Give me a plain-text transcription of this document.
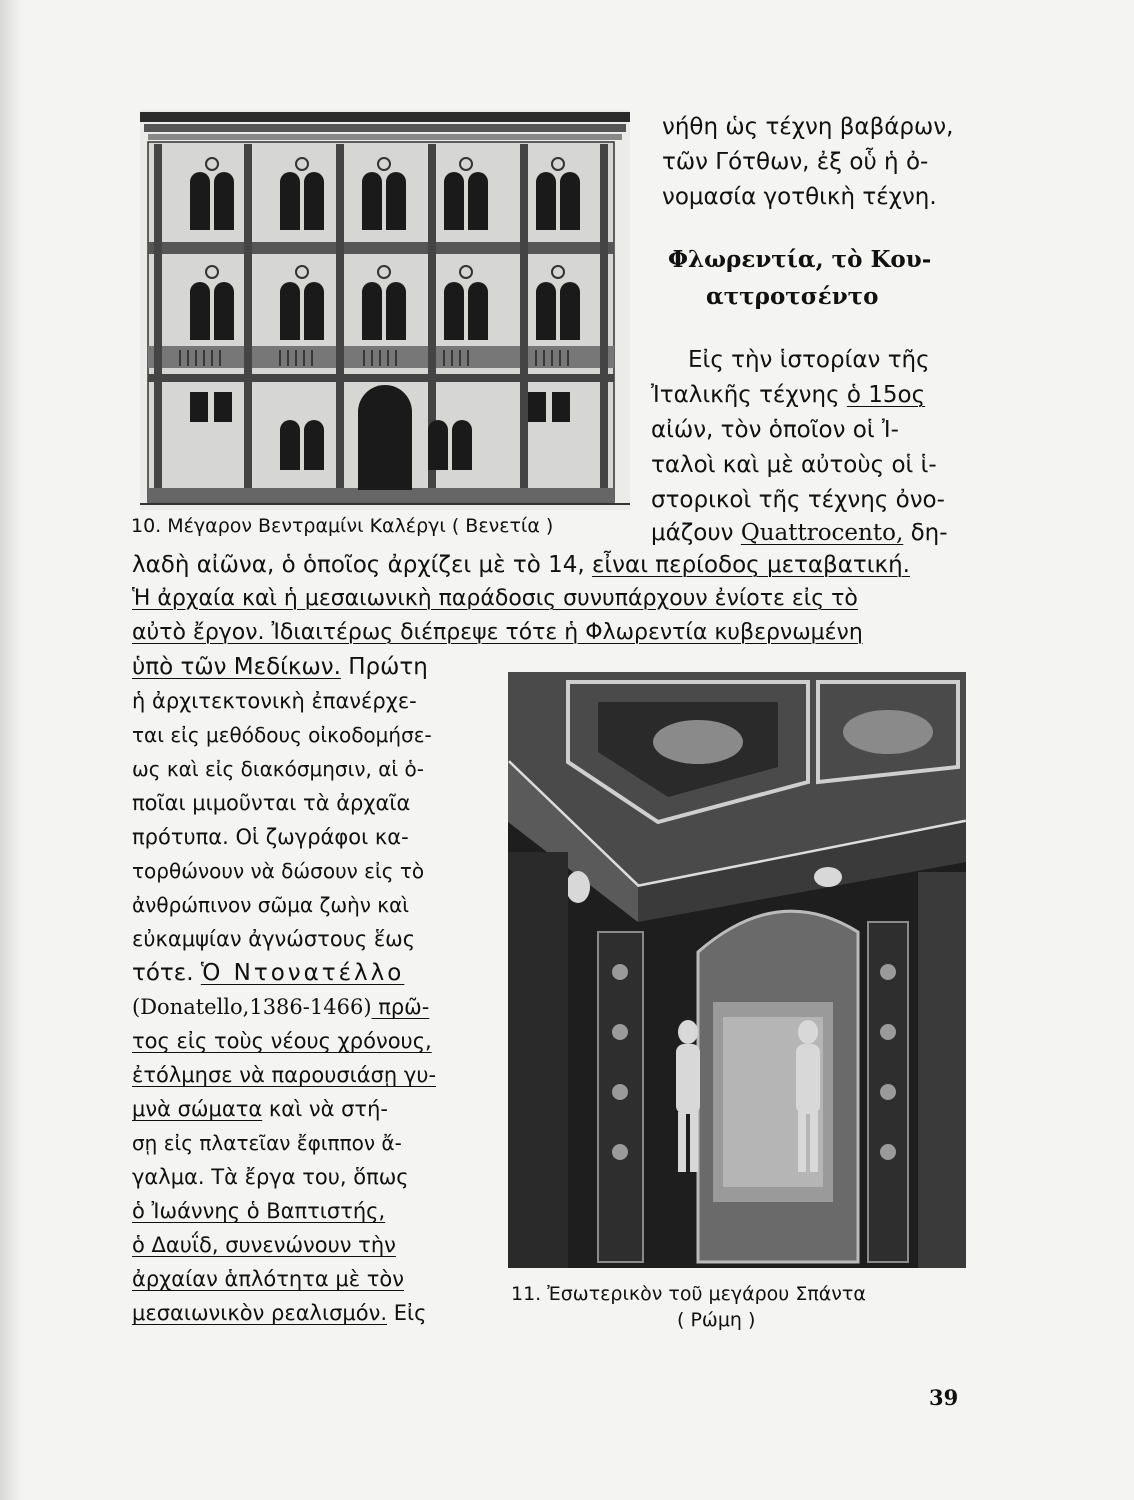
10. Μέγαρον Βεντραμίνι Καλέργι ( Βενετία )
νήθη ὡς τέχνη βαβάρων,
τῶν Γότθων, ἐξ οὗ ἡ ὀ-
νομασία γοτθικὴ τέχνη.
Φλωρεντία, τὸ Κου-
αττροτσέντο
Εἰς τὴν ἱστορίαν τῆς
Ἰταλικῆς τέχνης ὁ 15ος
αἰών, τὸν ὁποῖον οἱ Ἰ-
ταλοὶ καὶ μὲ αὐτοὺς οἱ ἱ-
στορικοὶ τῆς τέχνης ὀνο-
μάζουν Quattrocento, δη-
λαδὴ αἰῶνα, ὁ ὁποῖος ἀρχίζει μὲ τὸ 14, εἶναι περίοδος μεταβατική.
Ἡ ἀρχαία καὶ ἡ μεσαιωνικὴ παράδοσις συνυπάρχουν ἐνίοτε εἰς τὸ
αὐτὸ ἔργον. Ἰδιαιτέρως διέπρεψε τότε ἡ Φλωρεντία κυβερνωμένη
ὑπὸ τῶν Μεδίκων. Πρώτη
ἡ ἀρχιτεκτονικὴ ἐπανέρχε-
ται εἰς μεθόδους οἰκοδομήσε-
ως καὶ εἰς διακόσμησιν, αἱ ὁ-
ποῖαι μιμοῦνται τὰ ἀρχαῖα
πρότυπα. Οἱ ζωγράφοι κα-
τορθώνουν νὰ δώσουν εἰς τὸ
ἀνθρώπινον σῶμα ζωὴν καὶ
εὐκαμψίαν ἀγνώστους ἕως
τότε. Ὁ Ντονατέλλο
(Donatello,1386-1466) πρῶ-
τος εἰς τοὺς νέους χρόνους,
ἐτόλμησε νὰ παρουσιάσῃ γυ-
μνὰ σώματα καὶ νὰ στή-
σῃ εἰς πλατεῖαν ἔφιππον ἄ-
γαλμα. Τὰ ἔργα του, ὅπως
ὁ Ἰωάννης ὁ Βαπτιστής,
ὁ Δαυΐδ, συνενώνουν τὴν
ἀρχαίαν ἁπλότητα μὲ τὸν
μεσαιωνικὸν ρεαλισμόν. Εἰς
11. Ἐσωτερικὸν τοῦ μεγάρου Σπάντα
( Ρώμη )
39
